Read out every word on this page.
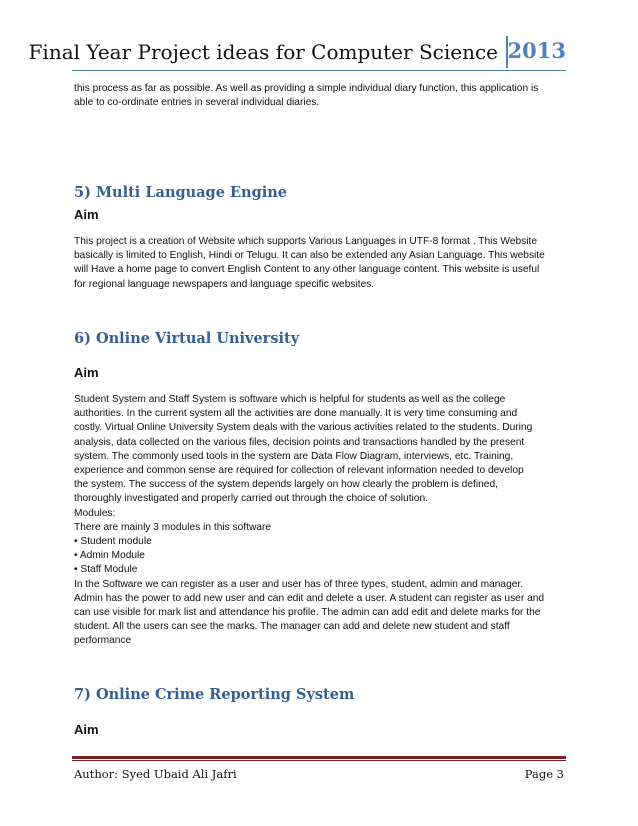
Final Year Project ideas for Computer Science 2013
this process as far as possible. As well as providing a simple individual diary function, this application is
able to co-ordinate entries in several individual diaries.
5) Multi Language Engine
Aim
This project is a creation of Website which supports Various Languages in UTF-8 format . This Website
basically is limited to English, Hindi or Telugu. It can also be extended any Asian Language. This website
will Have a home page to convert English Content to any other language content. This website is useful
for regional language newspapers and language specific websites.
6) Online Virtual University
Aim
Student System and Staff System is software which is helpful for students as well as the college
authorities. In the current system all the activities are done manually. It is very time consuming and
costly. Virtual Online University System deals with the various activities related to the students. During
analysis, data collected on the various files, decision points and transactions handled by the present
system. The commonly used tools in the system are Data Flow Diagram, interviews, etc. Training,
experience and common sense are required for collection of relevant information needed to develop
the system. The success of the system depends largely on how clearly the problem is defined,
thoroughly investigated and properly carried out through the choice of solution.
Modules:
There are mainly 3 modules in this software
• Student module
• Admin Module
• Staff Module
In the Software we can register as a user and user has of three types, student, admin and manager.
Admin has the power to add new user and can edit and delete a user. A student can register as user and
can use visible for mark list and attendance his profile. The admin can add edit and delete marks for the
student. All the users can see the marks. The manager can add and delete new student and staff
performance
7) Online Crime Reporting System
Aim
Author: Syed Ubaid Ali Jafri	Page 3
